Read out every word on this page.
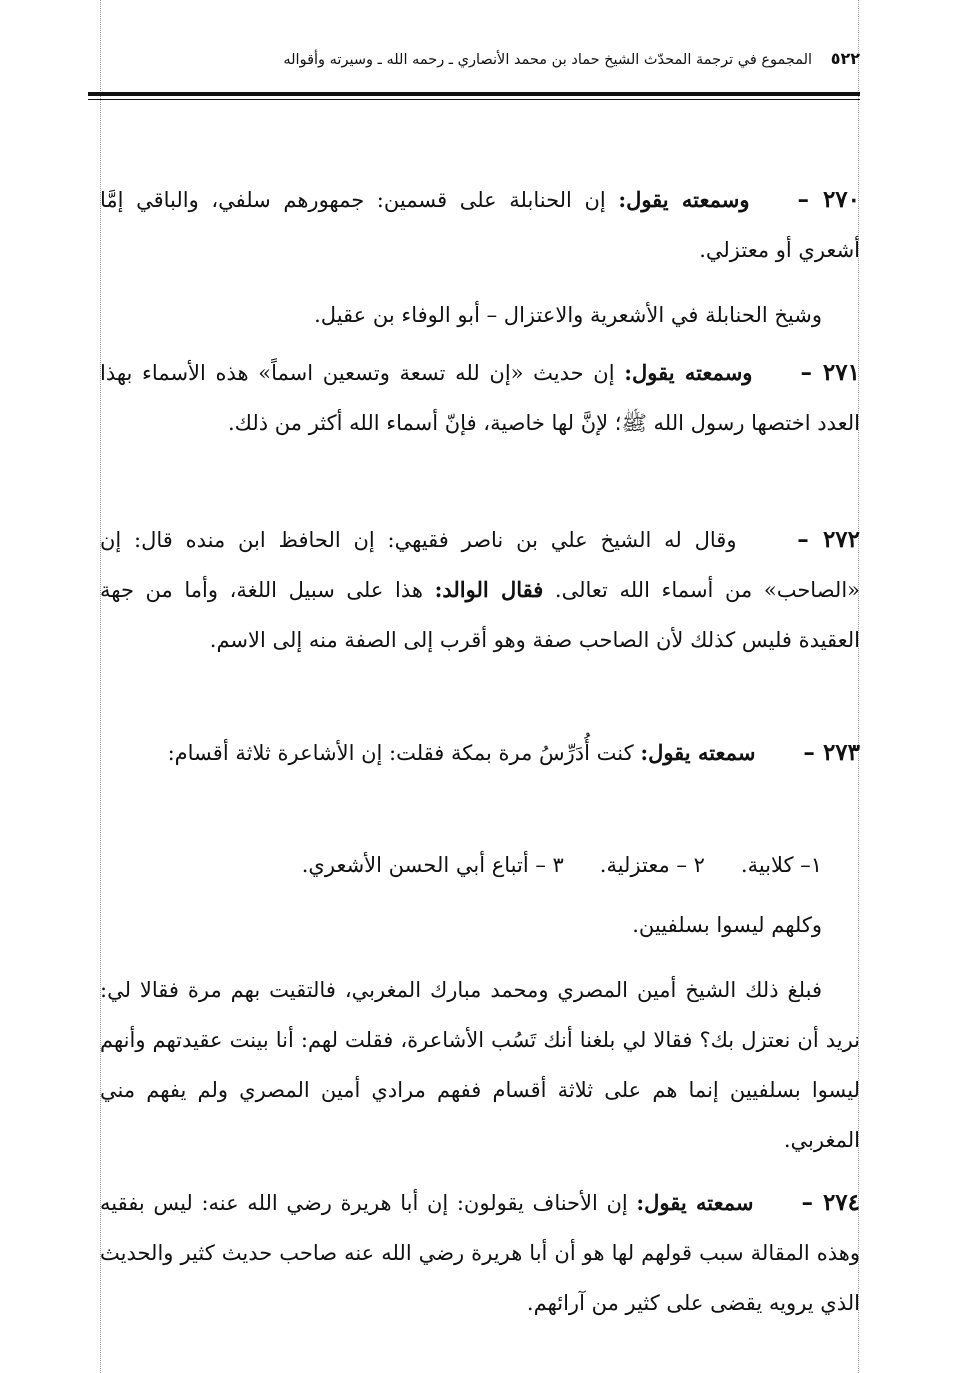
٥٢٢ المجموع في ترجمة المحدّث الشيخ حماد بن محمد الأنصاري ـ رحمه الله ـ وسيرته وأقواله
٢٧٠ –وسمعته يقول: إن الحنابلة على قسمين: جمهورهم سلفي، والباقي إمَّا أشعري أو معتزلي.
وشيخ الحنابلة في الأشعرية والاعتزال – أبو الوفاء بن عقيل.
٢٧١ –وسمعته يقول: إن حديث «إن لله تسعة وتسعين اسماً» هذه الأسماء بهذا العدد اختصها رسول الله ﷺ؛ لإنَّ لها خاصية، فإنّ أسماء الله أكثر من ذلك.
٢٧٢ – وقال له الشيخ علي بن ناصر فقيهي: إن الحافظ ابن منده قال: إن «الصاحب» من أسماء الله تعالى. فقال الوالد: هذا على سبيل اللغة، وأما من جهة العقيدة فليس كذلك لأن الصاحب صفة وهو أقرب إلى الصفة منه إلى الاسم.
٢٧٣ –سمعته يقول: كنت أُدَرِّسُ مرة بمكة فقلت: إن الأشاعرة ثلاثة أقسام:
١– كلابية.٢ – معتزلية.٣ – أتباع أبي الحسن الأشعري.
وكلهم ليسوا بسلفيين.
فبلغ ذلك الشيخ أمين المصري ومحمد مبارك المغربي، فالتقيت بهم مرة فقالا لي: نريد أن نعتزل بك؟ فقالا لي بلغنا أنك تَسُب الأشاعرة، فقلت لهم: أنا بينت عقيدتهم وأنهم ليسوا بسلفيين إنما هم على ثلاثة أقسام ففهم مرادي أمين المصري ولم يفهم مني المغربي.
٢٧٤ –سمعته يقول: إن الأحناف يقولون: إن أبا هريرة رضي الله عنه: ليس بفقيه وهذه المقالة سبب قولهم لها هو أن أبا هريرة رضي الله عنه صاحب حديث كثير والحديث الذي يرويه يقضى على كثير من آرائهم.
